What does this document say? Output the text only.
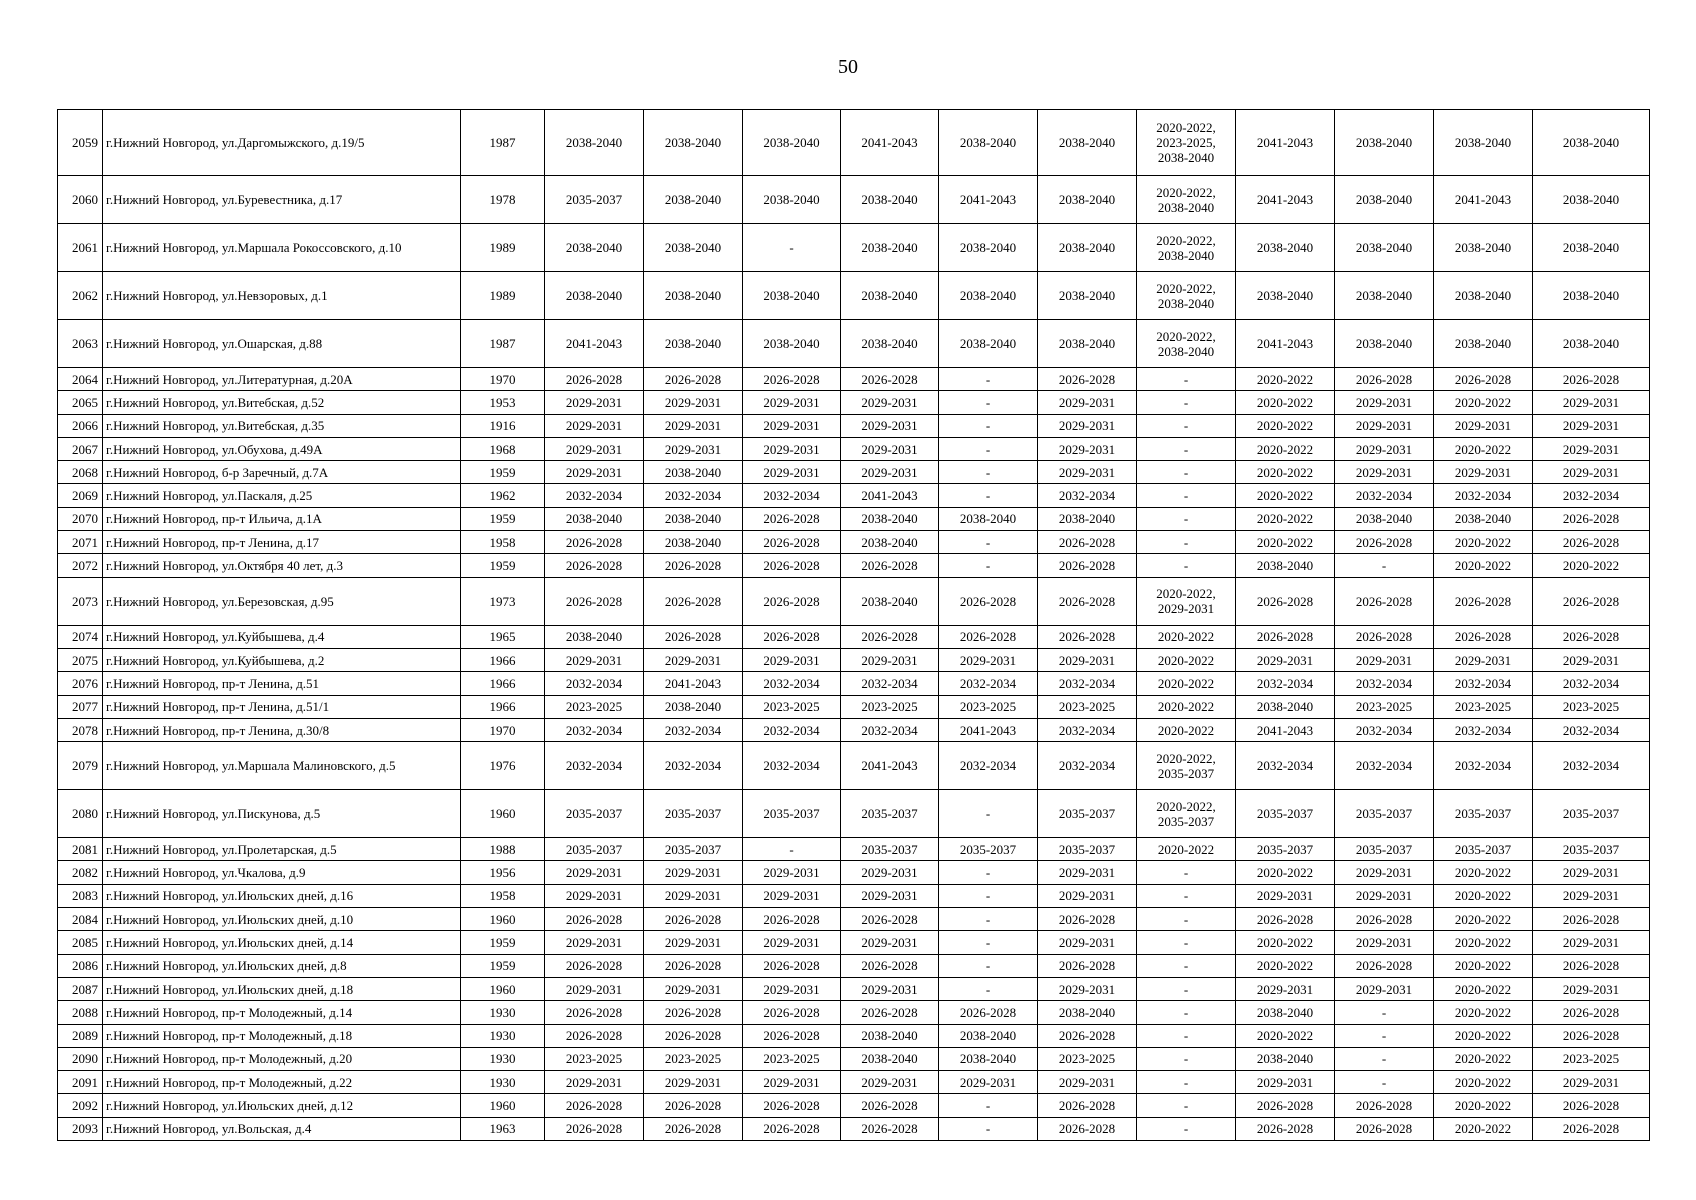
50
2059	г.Нижний Новгород, ул.Даргомыжского, д.19/5	1987	2038-2040	2038-2040	2038-2040	2041-2043	2038-2040	2038-2040	2020-2022,
2023-2025,
2038-2040	2041-2043	2038-2040	2038-2040	2038-2040
2060	г.Нижний Новгород, ул.Буревестника, д.17	1978	2035-2037	2038-2040	2038-2040	2038-2040	2041-2043	2038-2040	2020-2022,
2038-2040	2041-2043	2038-2040	2041-2043	2038-2040
2061	г.Нижний Новгород, ул.Маршала Рокоссовского, д.10	1989	2038-2040	2038-2040	-	2038-2040	2038-2040	2038-2040	2020-2022,
2038-2040	2038-2040	2038-2040	2038-2040	2038-2040
2062	г.Нижний Новгород, ул.Невзоровых, д.1	1989	2038-2040	2038-2040	2038-2040	2038-2040	2038-2040	2038-2040	2020-2022,
2038-2040	2038-2040	2038-2040	2038-2040	2038-2040
2063	г.Нижний Новгород, ул.Ошарская, д.88	1987	2041-2043	2038-2040	2038-2040	2038-2040	2038-2040	2038-2040	2020-2022,
2038-2040	2041-2043	2038-2040	2038-2040	2038-2040
2064	г.Нижний Новгород, ул.Литературная, д.20А	1970	2026-2028	2026-2028	2026-2028	2026-2028	-	2026-2028	-	2020-2022	2026-2028	2026-2028	2026-2028
2065	г.Нижний Новгород, ул.Витебская, д.52	1953	2029-2031	2029-2031	2029-2031	2029-2031	-	2029-2031	-	2020-2022	2029-2031	2020-2022	2029-2031
2066	г.Нижний Новгород, ул.Витебская, д.35	1916	2029-2031	2029-2031	2029-2031	2029-2031	-	2029-2031	-	2020-2022	2029-2031	2029-2031	2029-2031
2067	г.Нижний Новгород, ул.Обухова, д.49А	1968	2029-2031	2029-2031	2029-2031	2029-2031	-	2029-2031	-	2020-2022	2029-2031	2020-2022	2029-2031
2068	г.Нижний Новгород, б-р Заречный, д.7А	1959	2029-2031	2038-2040	2029-2031	2029-2031	-	2029-2031	-	2020-2022	2029-2031	2029-2031	2029-2031
2069	г.Нижний Новгород, ул.Паскаля, д.25	1962	2032-2034	2032-2034	2032-2034	2041-2043	-	2032-2034	-	2020-2022	2032-2034	2032-2034	2032-2034
2070	г.Нижний Новгород, пр-т Ильича, д.1А	1959	2038-2040	2038-2040	2026-2028	2038-2040	2038-2040	2038-2040	-	2020-2022	2038-2040	2038-2040	2026-2028
2071	г.Нижний Новгород, пр-т Ленина, д.17	1958	2026-2028	2038-2040	2026-2028	2038-2040	-	2026-2028	-	2020-2022	2026-2028	2020-2022	2026-2028
2072	г.Нижний Новгород, ул.Октября 40 лет, д.3	1959	2026-2028	2026-2028	2026-2028	2026-2028	-	2026-2028	-	2038-2040	-	2020-2022	2020-2022
2073	г.Нижний Новгород, ул.Березовская, д.95	1973	2026-2028	2026-2028	2026-2028	2038-2040	2026-2028	2026-2028	2020-2022,
2029-2031	2026-2028	2026-2028	2026-2028	2026-2028
2074	г.Нижний Новгород, ул.Куйбышева, д.4	1965	2038-2040	2026-2028	2026-2028	2026-2028	2026-2028	2026-2028	2020-2022	2026-2028	2026-2028	2026-2028	2026-2028
2075	г.Нижний Новгород, ул.Куйбышева, д.2	1966	2029-2031	2029-2031	2029-2031	2029-2031	2029-2031	2029-2031	2020-2022	2029-2031	2029-2031	2029-2031	2029-2031
2076	г.Нижний Новгород, пр-т Ленина, д.51	1966	2032-2034	2041-2043	2032-2034	2032-2034	2032-2034	2032-2034	2020-2022	2032-2034	2032-2034	2032-2034	2032-2034
2077	г.Нижний Новгород, пр-т Ленина, д.51/1	1966	2023-2025	2038-2040	2023-2025	2023-2025	2023-2025	2023-2025	2020-2022	2038-2040	2023-2025	2023-2025	2023-2025
2078	г.Нижний Новгород, пр-т Ленина, д.30/8	1970	2032-2034	2032-2034	2032-2034	2032-2034	2041-2043	2032-2034	2020-2022	2041-2043	2032-2034	2032-2034	2032-2034
2079	г.Нижний Новгород, ул.Маршала Малиновского, д.5	1976	2032-2034	2032-2034	2032-2034	2041-2043	2032-2034	2032-2034	2020-2022,
2035-2037	2032-2034	2032-2034	2032-2034	2032-2034
2080	г.Нижний Новгород, ул.Пискунова, д.5	1960	2035-2037	2035-2037	2035-2037	2035-2037	-	2035-2037	2020-2022,
2035-2037	2035-2037	2035-2037	2035-2037	2035-2037
2081	г.Нижний Новгород, ул.Пролетарская, д.5	1988	2035-2037	2035-2037	-	2035-2037	2035-2037	2035-2037	2020-2022	2035-2037	2035-2037	2035-2037	2035-2037
2082	г.Нижний Новгород, ул.Чкалова, д.9	1956	2029-2031	2029-2031	2029-2031	2029-2031	-	2029-2031	-	2020-2022	2029-2031	2020-2022	2029-2031
2083	г.Нижний Новгород, ул.Июльских дней, д.16	1958	2029-2031	2029-2031	2029-2031	2029-2031	-	2029-2031	-	2029-2031	2029-2031	2020-2022	2029-2031
2084	г.Нижний Новгород, ул.Июльских дней, д.10	1960	2026-2028	2026-2028	2026-2028	2026-2028	-	2026-2028	-	2026-2028	2026-2028	2020-2022	2026-2028
2085	г.Нижний Новгород, ул.Июльских дней, д.14	1959	2029-2031	2029-2031	2029-2031	2029-2031	-	2029-2031	-	2020-2022	2029-2031	2020-2022	2029-2031
2086	г.Нижний Новгород, ул.Июльских дней, д.8	1959	2026-2028	2026-2028	2026-2028	2026-2028	-	2026-2028	-	2020-2022	2026-2028	2020-2022	2026-2028
2087	г.Нижний Новгород, ул.Июльских дней, д.18	1960	2029-2031	2029-2031	2029-2031	2029-2031	-	2029-2031	-	2029-2031	2029-2031	2020-2022	2029-2031
2088	г.Нижний Новгород, пр-т Молодежный, д.14	1930	2026-2028	2026-2028	2026-2028	2026-2028	2026-2028	2038-2040	-	2038-2040	-	2020-2022	2026-2028
2089	г.Нижний Новгород, пр-т Молодежный, д.18	1930	2026-2028	2026-2028	2026-2028	2038-2040	2038-2040	2026-2028	-	2020-2022	-	2020-2022	2026-2028
2090	г.Нижний Новгород, пр-т Молодежный, д.20	1930	2023-2025	2023-2025	2023-2025	2038-2040	2038-2040	2023-2025	-	2038-2040	-	2020-2022	2023-2025
2091	г.Нижний Новгород, пр-т Молодежный, д.22	1930	2029-2031	2029-2031	2029-2031	2029-2031	2029-2031	2029-2031	-	2029-2031	-	2020-2022	2029-2031
2092	г.Нижний Новгород, ул.Июльских дней, д.12	1960	2026-2028	2026-2028	2026-2028	2026-2028	-	2026-2028	-	2026-2028	2026-2028	2020-2022	2026-2028
2093	г.Нижний Новгород, ул.Вольская, д.4	1963	2026-2028	2026-2028	2026-2028	2026-2028	-	2026-2028	-	2026-2028	2026-2028	2020-2022	2026-2028
